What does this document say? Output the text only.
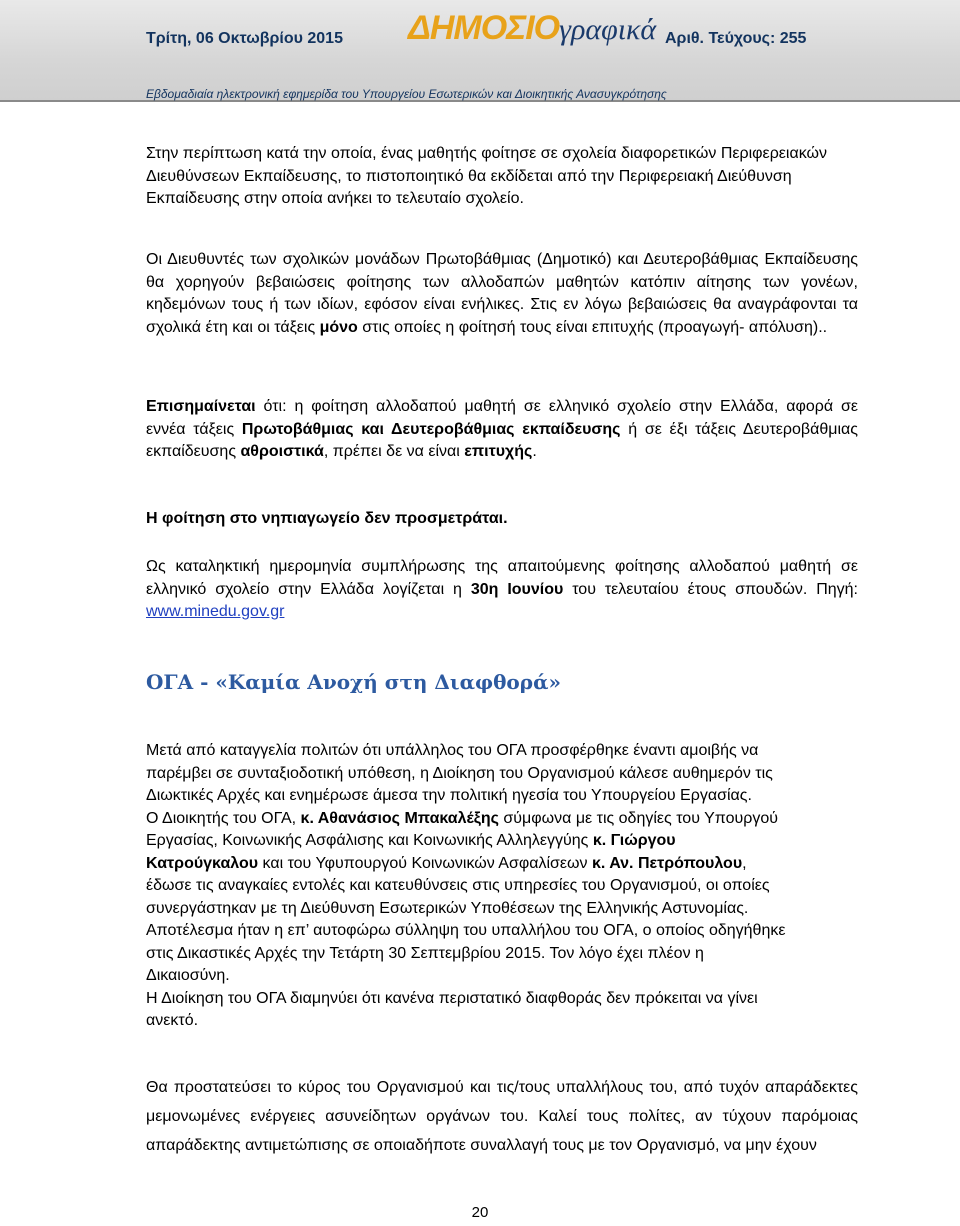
Τρίτη, 06 Οκτωβρίου 2015 ΔΗΜΟΣΙΟγραφικά Αριθ. Τεύχους: 255
Εβδομαδιαία ηλεκτρονική εφημερίδα του Υπουργείου Εσωτερικών και Διοικητικής Ανασυγκρότησης
Στην περίπτωση κατά την οποία, ένας μαθητής φοίτησε σε σχολεία διαφορετικών Περιφερειακών Διευθύνσεων Εκπαίδευσης, το πιστοποιητικό θα εκδίδεται από την Περιφερειακή Διεύθυνση Εκπαίδευσης στην οποία ανήκει το τελευταίο σχολείο.
Οι Διευθυντές των σχολικών μονάδων Πρωτοβάθμιας (Δημοτικό) και Δευτεροβάθμιας Εκπαίδευσης θα χορηγούν βεβαιώσεις φοίτησης των αλλοδαπών μαθητών κατόπιν αίτησης των γονέων, κηδεμόνων τους ή των ιδίων, εφόσον είναι ενήλικες. Στις εν λόγω βεβαιώσεις θα αναγράφονται τα σχολικά έτη και οι τάξεις μόνο στις οποίες η φοίτησή τους είναι επιτυχής (προαγωγή- απόλυση)..
Επισημαίνεται ότι: η φοίτηση αλλοδαπού μαθητή σε ελληνικό σχολείο στην Ελλάδα, αφορά σε εννέα τάξεις Πρωτοβάθμιας και Δευτεροβάθμιας εκπαίδευσης ή σε έξι τάξεις Δευτεροβάθμιας εκπαίδευσης αθροιστικά, πρέπει δε να είναι επιτυχής.
Η φοίτηση στο νηπιαγωγείο δεν προσμετράται.
Ως καταληκτική ημερομηνία συμπλήρωσης της απαιτούμενης φοίτησης αλλοδαπού μαθητή σε ελληνικό σχολείο στην Ελλάδα λογίζεται η 30η Ιουνίου του τελευταίου έτους σπουδών. Πηγή: www.minedu.gov.gr
ΟΓΑ - «Καμία Ανοχή στη Διαφθορά»
Μετά από καταγγελία πολιτών ότι υπάλληλος του ΟΓΑ προσφέρθηκε έναντι αμοιβής να παρέμβει σε συνταξιοδοτική υπόθεση, η Διοίκηση του Οργανισμού κάλεσε αυθημερόν τις Διωκτικές Αρχές και ενημέρωσε άμεσα την πολιτική ηγεσία του Υπουργείου Εργασίας.
Ο Διοικητής του ΟΓΑ, κ. Αθανάσιος Μπακαλέξης σύμφωνα με τις οδηγίες του Υπουργού Εργασίας, Κοινωνικής Ασφάλισης και Κοινωνικής Αλληλεγγύης κ. Γιώργου Κατρούγκαλου και του Υφυπουργού Κοινωνικών Ασφαλίσεων κ. Αν. Πετρόπουλου, έδωσε τις αναγκαίες εντολές και κατευθύνσεις στις υπηρεσίες του Οργανισμού, οι οποίες συνεργάστηκαν με τη Διεύθυνση Εσωτερικών Υποθέσεων της Ελληνικής Αστυνομίας.
Αποτέλεσμα ήταν η επ’ αυτοφώρω σύλληψη του υπαλλήλου του ΟΓΑ, ο οποίος οδηγήθηκε στις Δικαστικές Αρχές την Τετάρτη 30 Σεπτεμβρίου 2015. Τον λόγο έχει πλέον η Δικαιοσύνη.
Η Διοίκηση του ΟΓΑ διαμηνύει ότι κανένα περιστατικό διαφθοράς δεν πρόκειται να γίνει ανεκτό.
Θα προστατεύσει το κύρος του Οργανισμού και τις/τους υπαλλήλους του, από τυχόν απαράδεκτες μεμονωμένες ενέργειες ασυνείδητων οργάνων του. Καλεί τους πολίτες, αν τύχουν παρόμοιας απαράδεκτης αντιμετώπισης σε οποιαδήποτε συναλλαγή τους με τον Οργανισμό, να μην έχουν
20
